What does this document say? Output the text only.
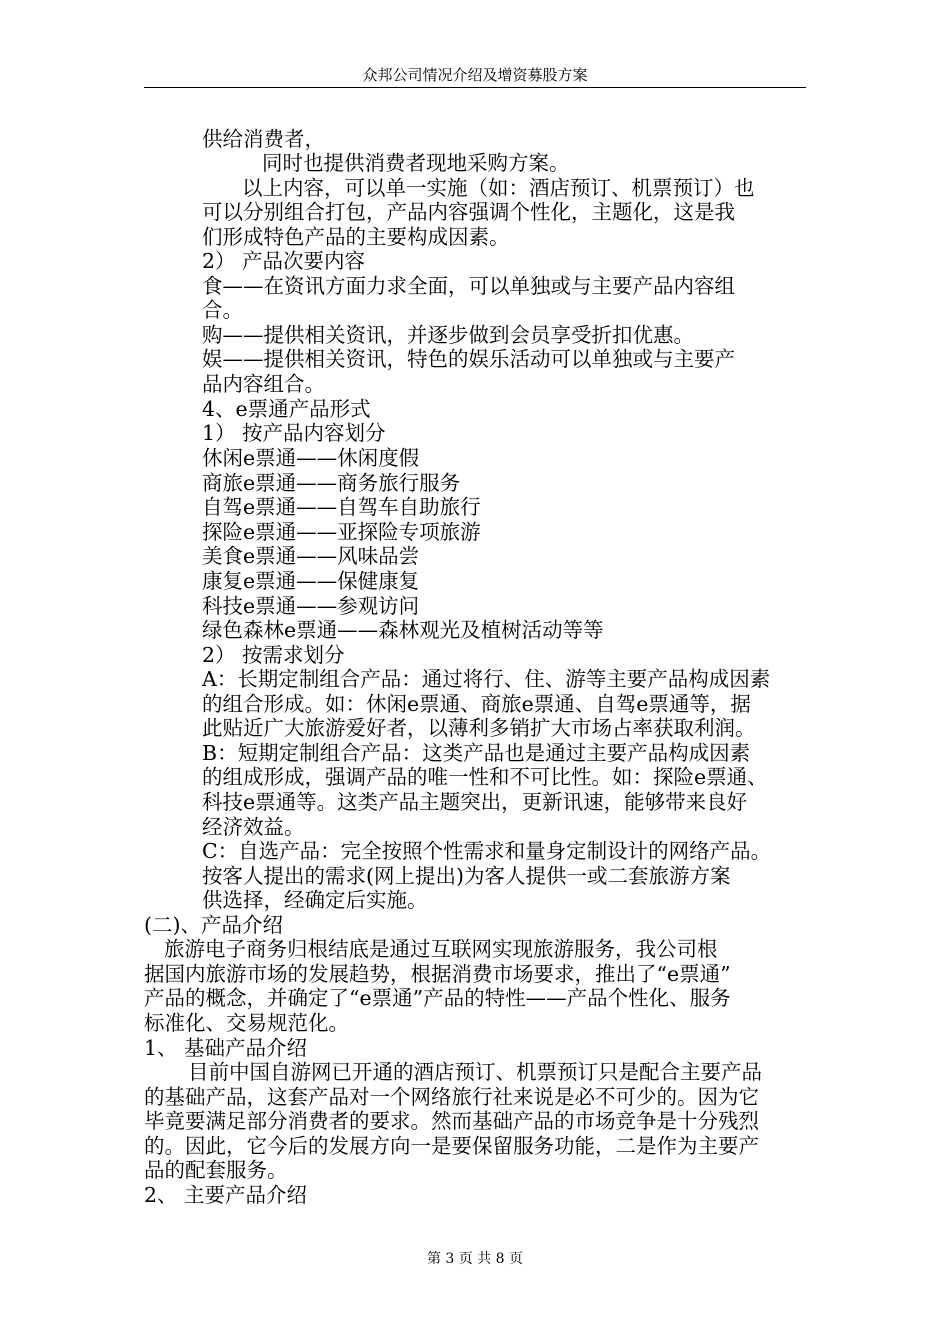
众邦公司情况介绍及增资募股方案
供给消费者，
同时也提供消费者现地采购方案。
以上内容，可以单一实施（如：酒店预订、机票预订）也
可以分别组合打包，产品内容强调个性化，主题化，这是我
们形成特色产品的主要构成因素。
2） 产品次要内容
食——在资讯方面力求全面，可以单独或与主要产品内容组
合。
购——提供相关资讯，并逐步做到会员享受折扣优惠。
娱——提供相关资讯，特色的娱乐活动可以单独或与主要产
品内容组合。
4、e票通产品形式
1） 按产品内容划分
休闲e票通——休闲度假
商旅e票通——商务旅行服务
自驾e票通——自驾车自助旅行
探险e票通——亚探险专项旅游
美食e票通——风味品尝
康复e票通——保健康复
科技e票通——参观访问
绿色森林e票通——森林观光及植树活动等等
2） 按需求划分
A：长期定制组合产品：通过将行、住、游等主要产品构成因素
的组合形成。如：休闲e票通、商旅e票通、自驾e票通等，据
此贴近广大旅游爱好者，以薄利多销扩大市场占率获取利润。
B：短期定制组合产品：这类产品也是通过主要产品构成因素
的组成形成，强调产品的唯一性和不可比性。如：探险e票通、
科技e票通等。这类产品主题突出，更新讯速，能够带来良好
经济效益。
C：自选产品：完全按照个性需求和量身定制设计的网络产品。
按客人提出的需求(网上提出)为客人提供一或二套旅游方案
供选择，经确定后实施。
(二)、产品介绍
旅游电子商务归根结底是通过互联网实现旅游服务，我公司根
据国内旅游市场的发展趋势，根据消费市场要求，推出了“e票通”
产品的概念，并确定了“e票通”产品的特性——产品个性化、服务
标准化、交易规范化。
1、 基础产品介绍
目前中国自游网已开通的酒店预订、机票预订只是配合主要产品
的基础产品，这套产品对一个网络旅行社来说是必不可少的。因为它
毕竟要满足部分消费者的要求。然而基础产品的市场竞争是十分残烈
的。因此，它今后的发展方向一是要保留服务功能，二是作为主要产
品的配套服务。
2、 主要产品介绍
第 3 页 共 8 页
